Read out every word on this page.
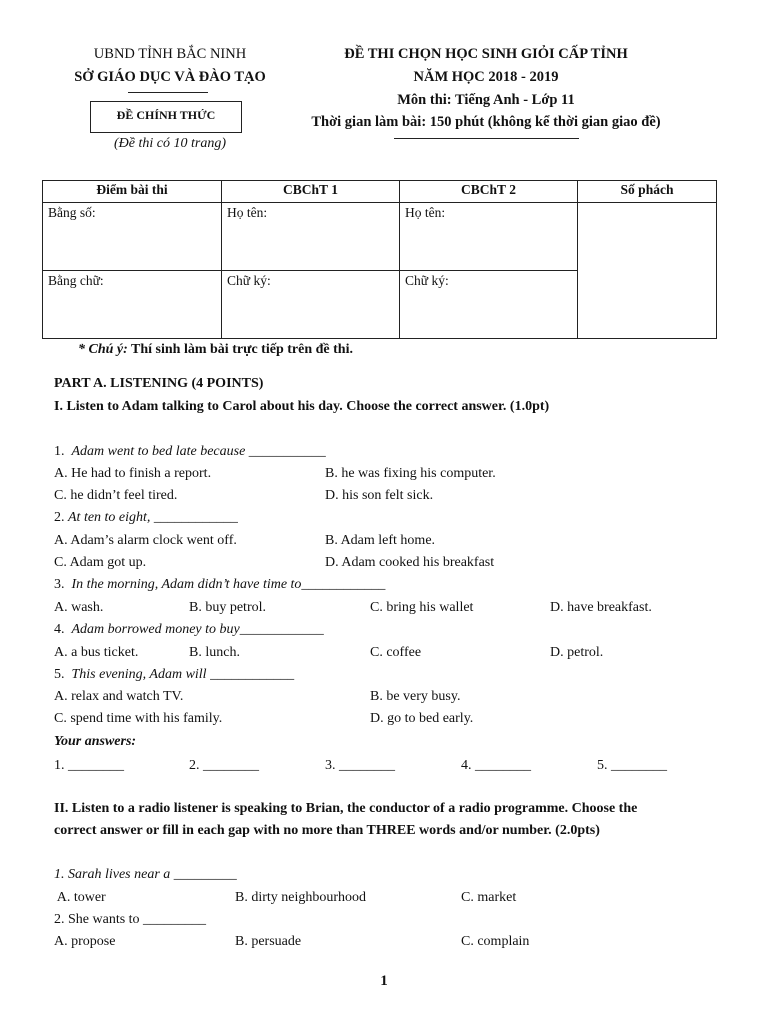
UBND TỈNH BẮC NINH
SỞ GIÁO DỤC VÀ ĐÀO TẠO
ĐỀ CHÍNH THỨC
(Đề thi có 10 trang)
ĐỀ THI CHỌN HỌC SINH GIỎI CẤP TỈNH
NĂM HỌC 2018 - 2019
Môn thi: Tiếng Anh - Lớp 11
Thời gian làm bài: 150 phút (không kể thời gian giao đề)
Điểm bài thi	CBChT 1	CBChT 2	Số phách
Bằng số:	Họ tên:	Họ tên:	
Bằng chữ:	Chữ ký:	Chữ ký:	
* Chú ý: Thí sinh làm bài trực tiếp trên đề thi.
PART A. LISTENING (4 POINTS)
I. Listen to Adam talking to Carol about his day. Choose the correct answer. (1.0pt)
1. Adam went to bed late because ___________
A. He had to finish a report.	B. he was fixing his computer.
C. he didn’t feel tired.	D. his son felt sick.
2. At ten to eight, ____________
A. Adam’s alarm clock went off.	B. Adam left home.
C. Adam got up.	D. Adam cooked his breakfast
3. In the morning, Adam didn’t have time to____________
A. wash.	B. buy petrol.	C. bring his wallet	D. have breakfast.
4. Adam borrowed money to buy____________
A. a bus ticket.	B. lunch.	C. coffee	D. petrol.
5. This evening, Adam will ____________
A. relax and watch TV.	B. be very busy.
C. spend time with his family.	D. go to bed early.
Your answers:
1. ________	2. ________	3. ________	4. ________	5. ________
II. Listen to a radio listener is speaking to Brian, the conductor of a radio programme. Choose the
correct answer or fill in each gap with no more than THREE words and/or number. (2.0pts)
1. Sarah lives near a _________
A. tower	B. dirty neighbourhood	C. market
2. She wants to _________
A. propose	B. persuade	C. complain
1
